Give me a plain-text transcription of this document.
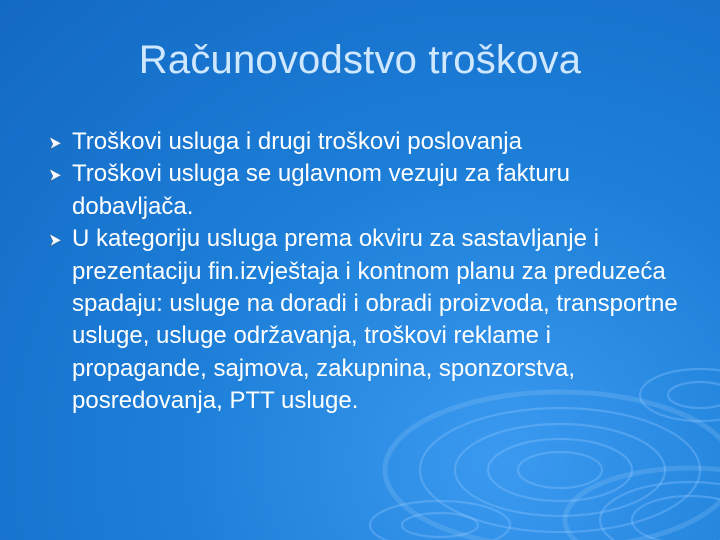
Računovodstvo troškova
Troškovi usluga i drugi troškovi poslovanja
Troškovi usluga se uglavnom vezuju za fakturu dobavljača.
U kategoriju usluga prema okviru za sastavljanje i prezentaciju fin.izvještaja i kontnom planu za preduzeća spadaju: usluge na doradi i obradi proizvoda, transportne usluge, usluge održavanja, troškovi reklame i propagande, sajmova, zakupnina, sponzorstva, posredovanja, PTT usluge.
